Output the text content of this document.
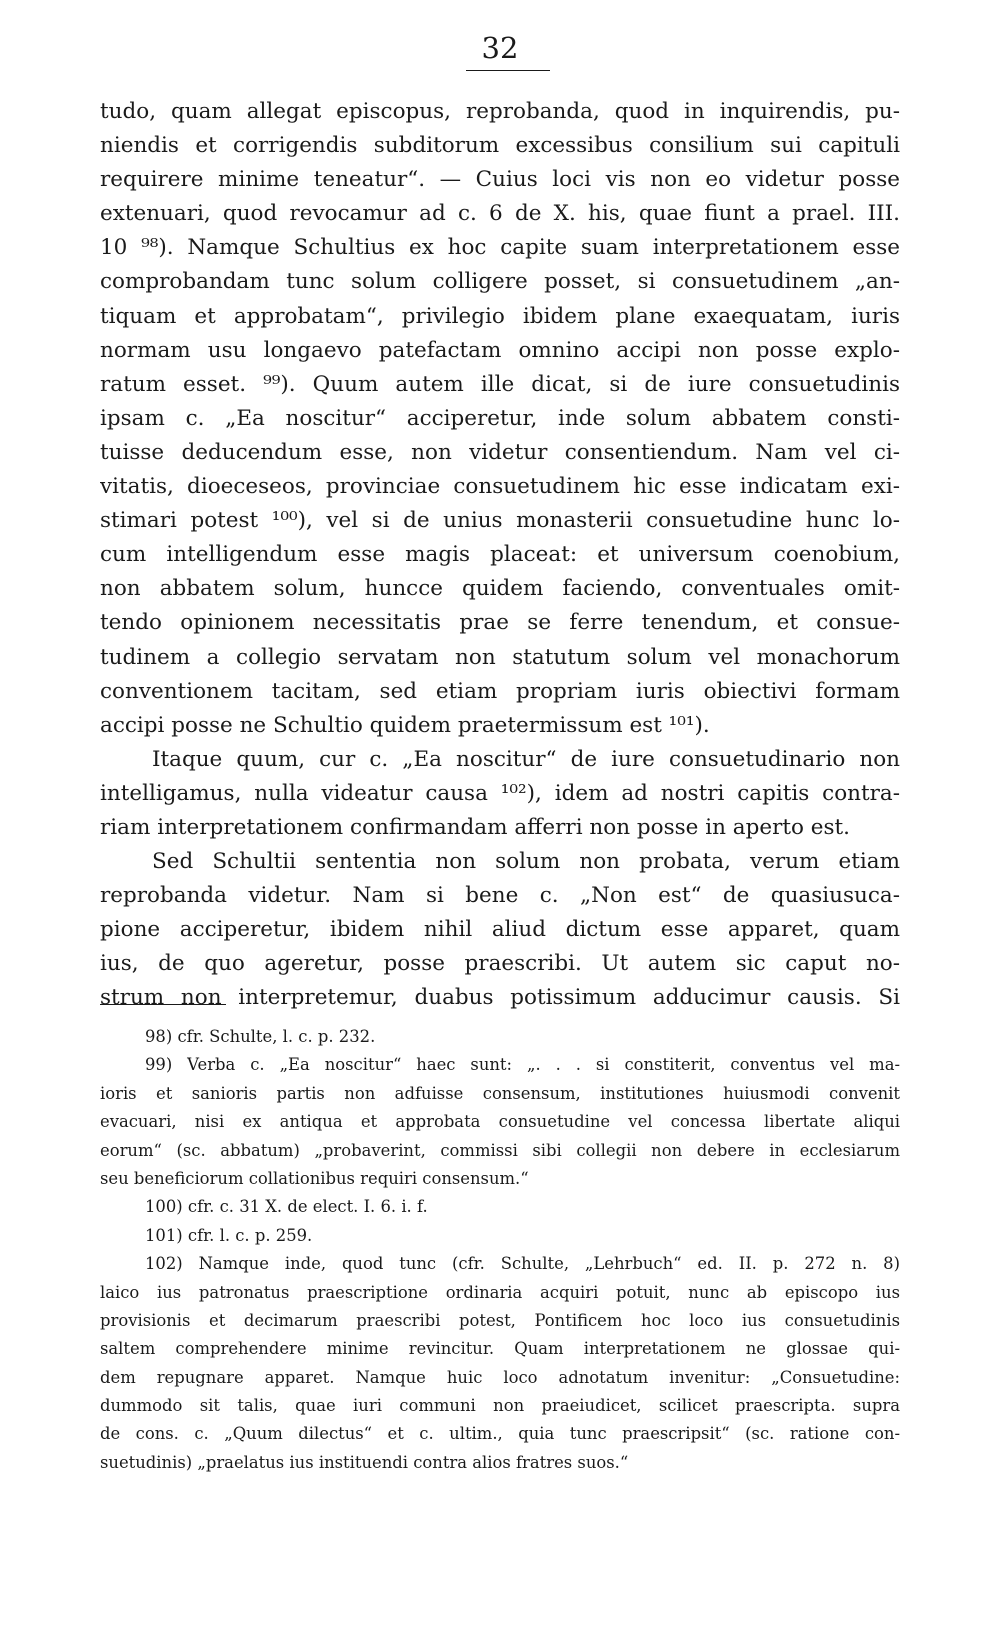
32
tudo, quam allegat episcopus, reprobanda, quod in inquirendis, pu-
niendis et corrigendis subditorum excessibus consilium sui capituli
requirere minime teneatur“. — Cuius loci vis non eo videtur posse
extenuari, quod revocamur ad c. 6 de X. his, quae fiunt a prael. III.
10 ⁹⁸). Namque Schultius ex hoc capite suam interpretationem esse
comprobandam tunc solum colligere posset, si consuetudinem „an-
tiquam et approbatam“, privilegio ibidem plane exaequatam, iuris
normam usu longaevo patefactam omnino accipi non posse explo-
ratum esset. ⁹⁹). Quum autem ille dicat, si de iure consuetudinis
ipsam c. „Ea noscitur“ acciperetur, inde solum abbatem consti-
tuisse deducendum esse, non videtur consentiendum. Nam vel ci-
vitatis, dioeceseos, provinciae consuetudinem hic esse indicatam exi-
stimari potest ¹⁰⁰), vel si de unius monasterii consuetudine hunc lo-
cum intelligendum esse magis placeat: et universum coenobium,
non abbatem solum, huncce quidem faciendo, conventuales omit-
tendo opinionem necessitatis prae se ferre tenendum, et consue-
tudinem a collegio servatam non statutum solum vel monachorum
conventionem tacitam, sed etiam propriam iuris obiectivi formam
accipi posse ne Schultio quidem praetermissum est ¹⁰¹).
Itaque quum, cur c. „Ea noscitur“ de iure consuetudinario non
intelligamus, nulla videatur causa ¹⁰²), idem ad nostri capitis contra-
riam interpretationem confirmandam afferri non posse in aperto est.
Sed Schultii sententia non solum non probata, verum etiam
reprobanda videtur. Nam si bene c. „Non est“ de quasiusuca-
pione acciperetur, ibidem nihil aliud dictum esse apparet, quam
ius, de quo ageretur, posse praescribi. Ut autem sic caput no-
strum non interpretemur, duabus potissimum adducimur causis. Si
98) cfr. Schulte, l. c. p. 232.
99) Verba c. „Ea noscitur“ haec sunt: „. . . si constiterit, conventus vel ma-
ioris et sanioris partis non adfuisse consensum, institutiones huiusmodi convenit
evacuari, nisi ex antiqua et approbata consuetudine vel concessa libertate aliqui
eorum“ (sc. abbatum) „probaverint, commissi sibi collegii non debere in ecclesiarum
seu beneficiorum collationibus requiri consensum.“
100) cfr. c. 31 X. de elect. I. 6. i. f.
101) cfr. l. c. p. 259.
102) Namque inde, quod tunc (cfr. Schulte, „Lehrbuch“ ed. II. p. 272 n. 8)
laico ius patronatus praescriptione ordinaria acquiri potuit, nunc ab episcopo ius
provisionis et decimarum praescribi potest, Pontificem hoc loco ius consuetudinis
saltem comprehendere minime revincitur. Quam interpretationem ne glossae qui-
dem repugnare apparet. Namque huic loco adnotatum invenitur: „Consuetudine:
dummodo sit talis, quae iuri communi non praeiudicet, scilicet praescripta. supra
de cons. c. „Quum dilectus“ et c. ultim., quia tunc praescripsit“ (sc. ratione con-
suetudinis) „praelatus ius instituendi contra alios fratres suos.“
